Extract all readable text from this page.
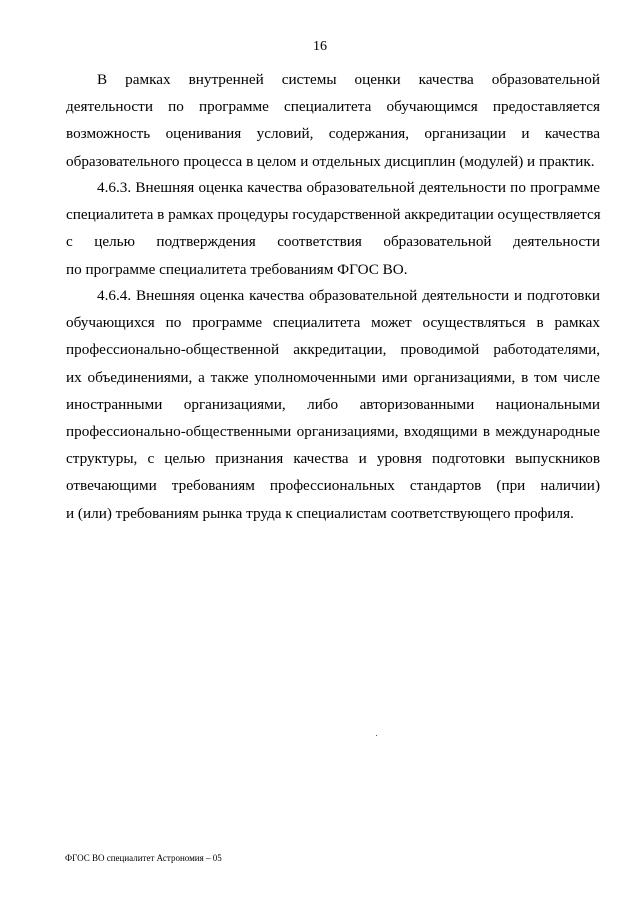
16
В рамках внутренней системы оценки качества образовательной
деятельности по программе специалитета обучающимся предоставляется
возможность оценивания условий, содержания, организации и качества
образовательного процесса в целом и отдельных дисциплин (модулей) и практик.
4.6.3. Внешняя оценка качества образовательной деятельности по программе
специалитета в рамках процедуры государственной аккредитации осуществляется
с целью подтверждения соответствия образовательной деятельности
по программе специалитета требованиям ФГОС ВО.
4.6.4. Внешняя оценка качества образовательной деятельности и подготовки
обучающихся по программе специалитета может осуществляться в рамках
профессионально-общественной аккредитации, проводимой работодателями,
их объединениями, а также уполномоченными ими организациями, в том числе
иностранными организациями, либо авторизованными национальными
профессионально-общественными организациями, входящими в международные
структуры, с целью признания качества и уровня подготовки выпускников
отвечающими требованиям профессиональных стандартов (при наличии)
и (или) требованиям рынка труда к специалистам соответствующего профиля.
ФГОС ВО специалитет Астрономия – 05
